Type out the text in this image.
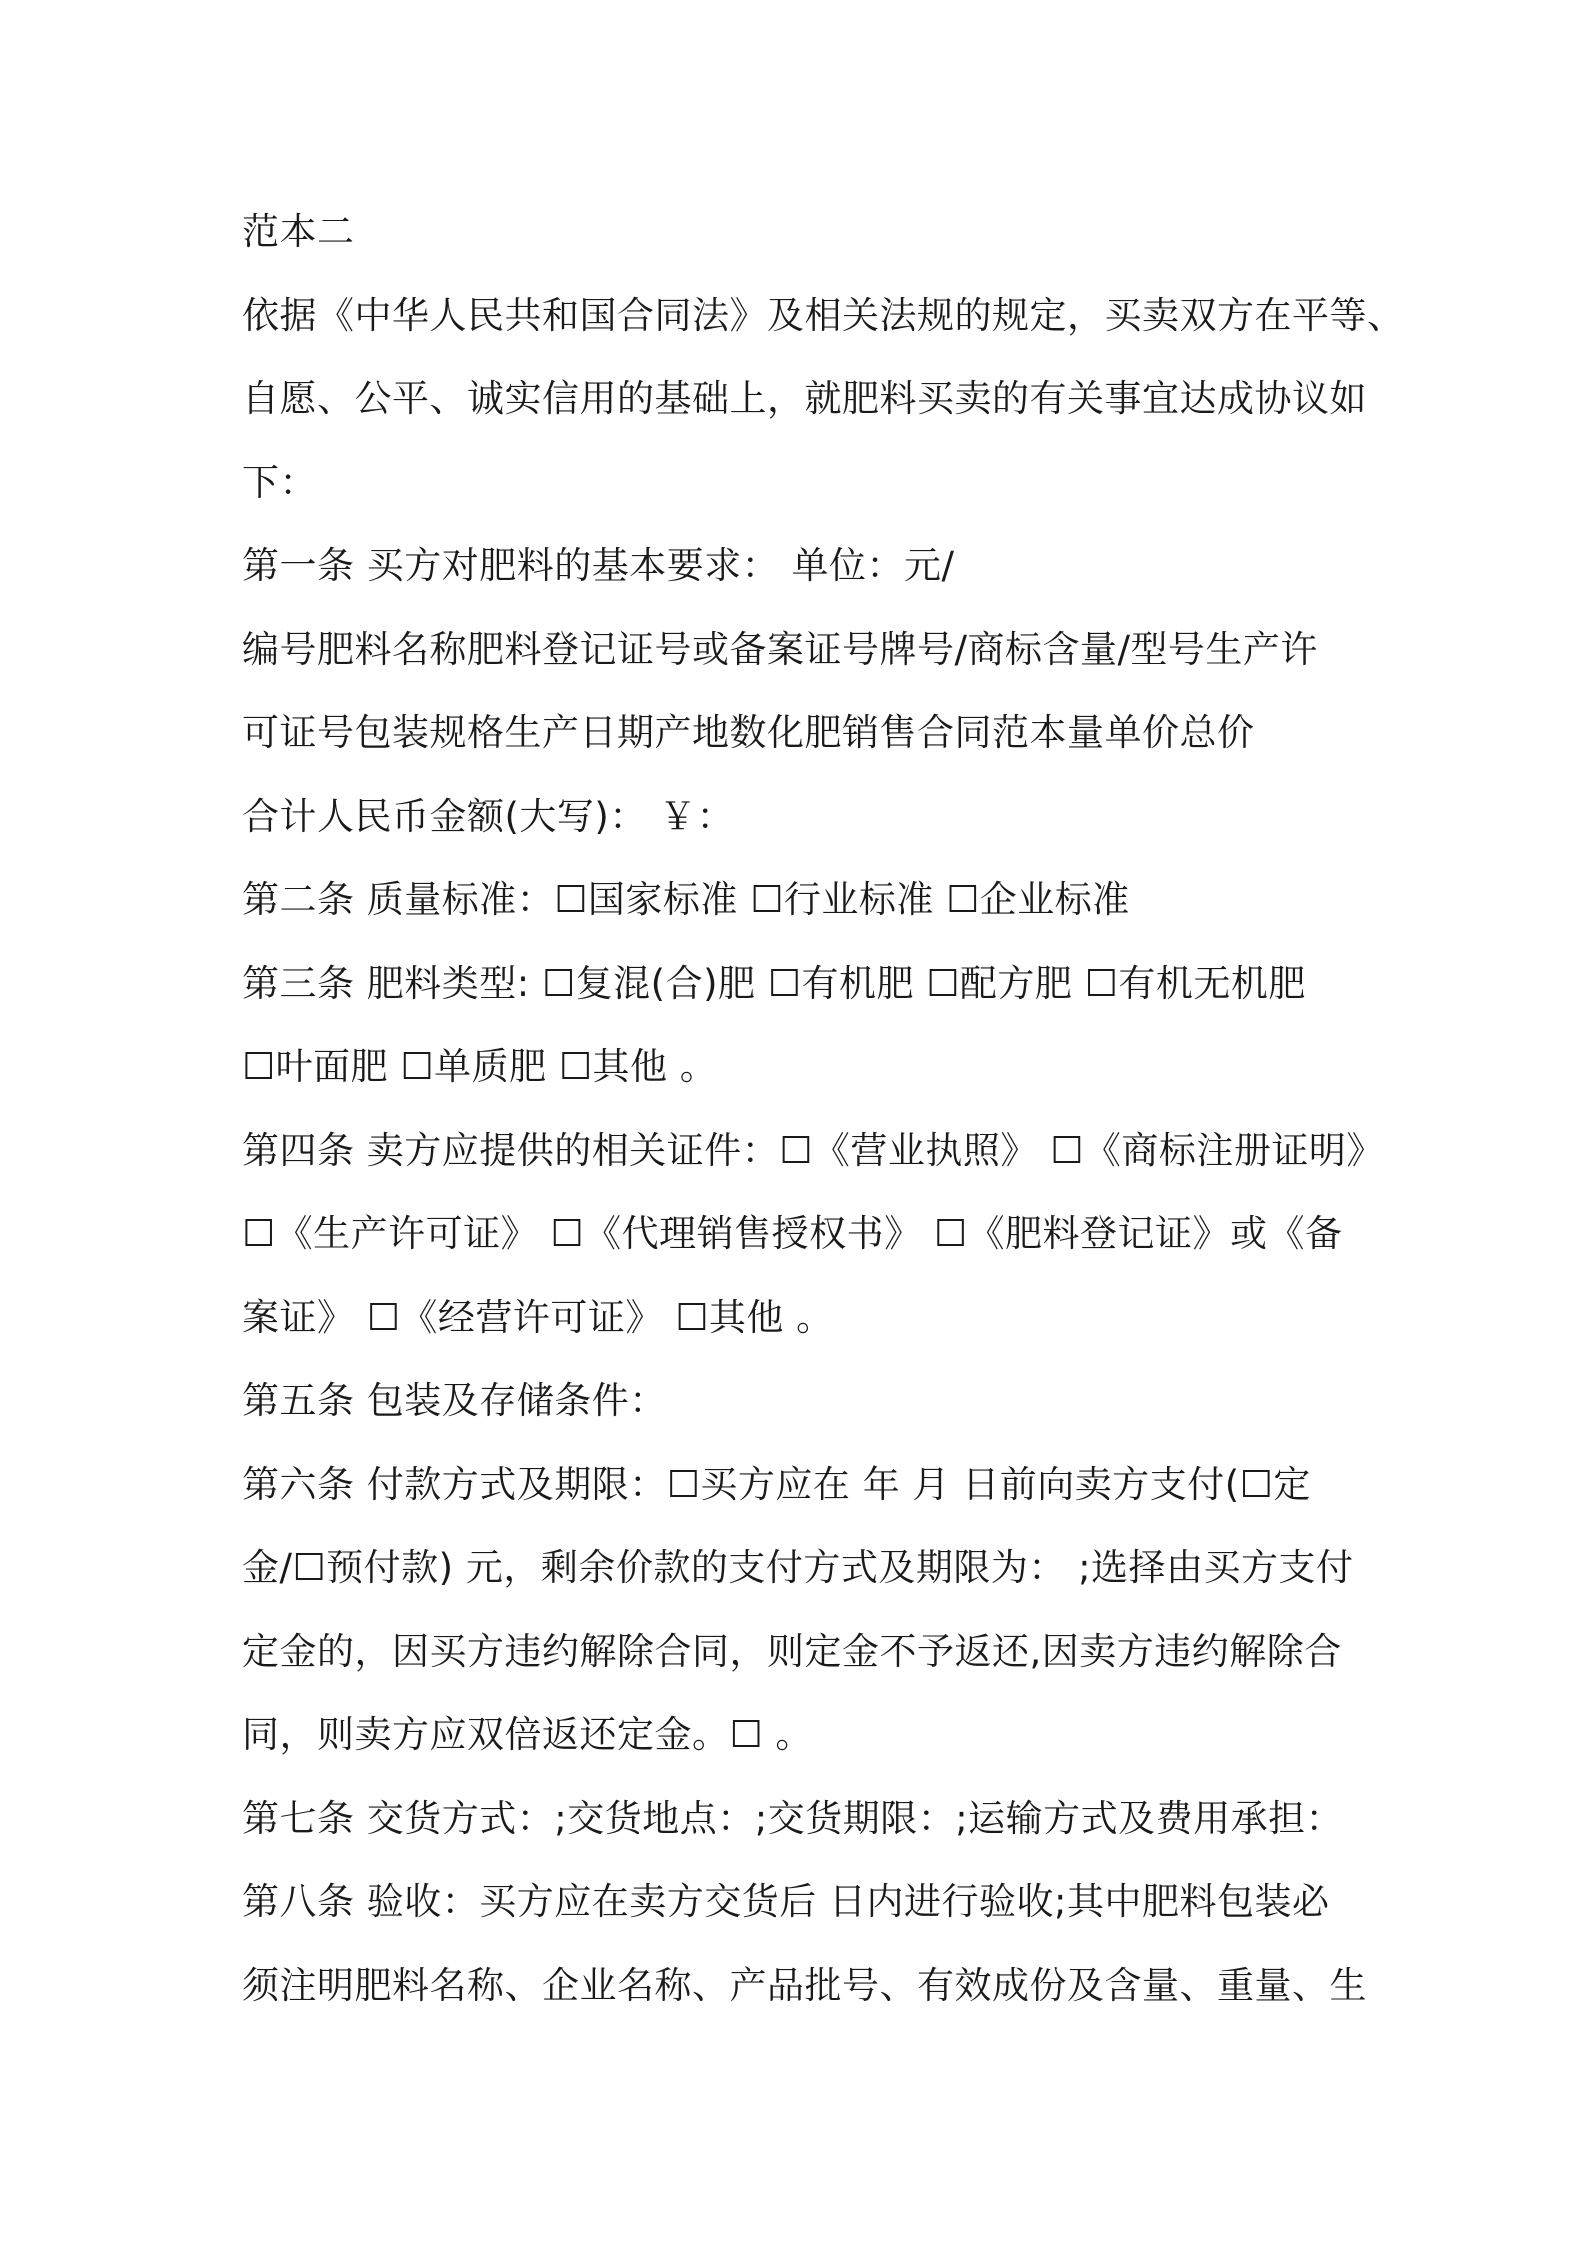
范本二
依据《中华人民共和国合同法》及相关法规的规定，买卖双方在平等、
自愿、公平、诚实信用的基础上，就肥料买卖的有关事宜达成协议如
下：
第一条 买方对肥料的基本要求： 单位：元/
编号肥料名称肥料登记证号或备案证号牌号/商标含量/型号生产许
可证号包装规格生产日期产地数化肥销售合同范本量单价总价
合计人民币金额(大写)： ￥：
第二条 质量标准：☐国家标准 ☐行业标准 ☐企业标准
第三条 肥料类型: ☐复混(合)肥 ☐有机肥 ☐配方肥 ☐有机无机肥
☐叶面肥 ☐单质肥 ☐其他 。
第四条 卖方应提供的相关证件：☐《营业执照》 ☐《商标注册证明》
☐《生产许可证》 ☐《代理销售授权书》 ☐《肥料登记证》或《备
案证》 ☐《经营许可证》 ☐其他 。
第五条 包装及存储条件：
第六条 付款方式及期限：☐买方应在 年 月 日前向卖方支付(☐定
金/☐预付款) 元，剩余价款的支付方式及期限为： ;选择由买方支付
定金的，因买方违约解除合同，则定金不予返还,因卖方违约解除合
同，则卖方应双倍返还定金。☐ 。
第七条 交货方式：;交货地点：;交货期限：;运输方式及费用承担：
第八条 验收：买方应在卖方交货后 日内进行验收;其中肥料包装必
须注明肥料名称、企业名称、产品批号、有效成份及含量、重量、生
